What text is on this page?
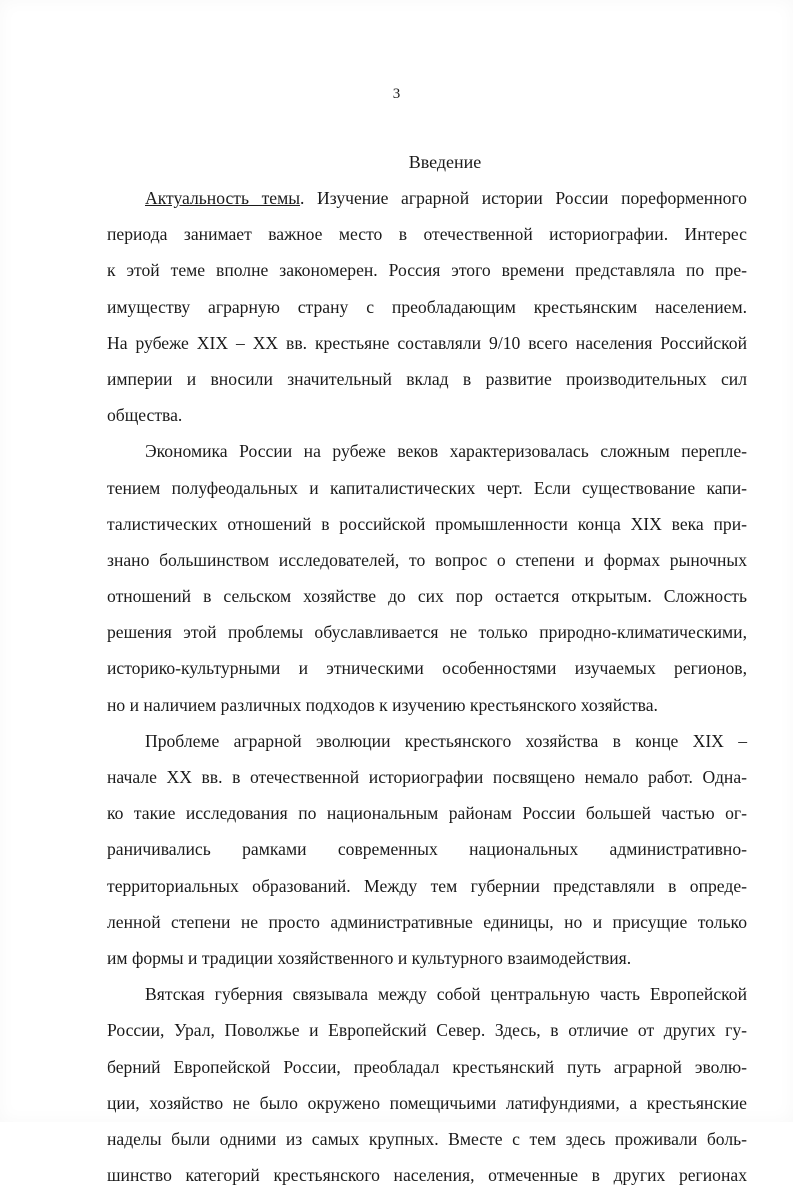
3
Введение
Актуальность темы. Изучение аграрной истории России пореформенного
периода занимает важное место в отечественной историографии. Интерес
к этой теме вполне закономерен. Россия этого времени представляла по пре-
имуществу аграрную страну с преобладающим крестьянским населением.
На рубеже XIX – XX вв. крестьяне составляли 9/10 всего населения Российской
империи и вносили значительный вклад в развитие производительных сил
общества.
Экономика России на рубеже веков характеризовалась сложным перепле-
тением полуфеодальных и капиталистических черт. Если существование капи-
талистических отношений в российской промышленности конца XIX века при-
знано большинством исследователей, то вопрос о степени и формах рыночных
отношений в сельском хозяйстве до сих пор остается открытым. Сложность
решения этой проблемы обуславливается не только природно-климатическими,
историко-культурными и этническими особенностями изучаемых регионов,
но и наличием различных подходов к изучению крестьянского хозяйства.
Проблеме аграрной эволюции крестьянского хозяйства в конце XIX –
начале XX вв. в отечественной историографии посвящено немало работ. Одна-
ко такие исследования по национальным районам России большей частью ог-
раничивались рамками современных национальных административно-
территориальных образований. Между тем губернии представляли в опреде-
ленной степени не просто административные единицы, но и присущие только
им формы и традиции хозяйственного и культурного взаимодействия.
Вятская губерния связывала между собой центральную часть Европейской
России, Урал, Поволжье и Европейский Север. Здесь, в отличие от других гу-
берний Европейской России, преобладал крестьянский путь аграрной эволю-
ции, хозяйство не было окружено помещичьими латифундиями, а крестьянские
наделы были одними из самых крупных. Вместе с тем здесь проживали боль-
шинство категорий крестьянского населения, отмеченные в других регионах
